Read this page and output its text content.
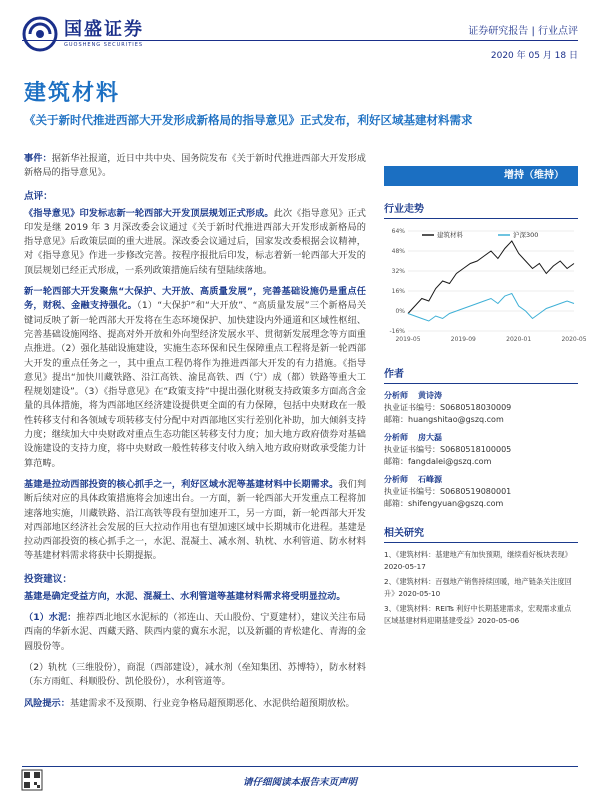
国盛证券
GUOSHENG SECURITIES
证券研究报告 | 行业点评
2020 年 05 月 18 日
建筑材料
《关于新时代推进西部大开发形成新格局的指导意见》正式发布，利好区域基建材料需求

事件：据新华社报道，近日中共中央、国务院发布《关于新时代推进西部大开发形成新格局的指导意见》。

点评：

《指导意见》印发标志新一轮西部大开发顶层规划正式形成。此次《指导意见》正式印发是继 2019 年 3 月深改委会议通过《关于新时代推进西部大开发形成新格局的指导意见》后政策层面的重大进展。深改委会议通过后，国家发改委根据会议精神，对《指导意见》作进一步修改完善。按程序报批后印发，标志着新一轮西部大开发的顶层规划已经正式形成，一系列政策措施后续有望陆续落地。

新一轮西部大开发聚焦“大保护、大开放、高质量发展”，完善基础设施仍是重点任务，财税、金融支持强化。（1）“大保护”和“大开放”、“高质量发展”三个新格局关键词反映了新一轮西部大开发将在生态环境保护、加快建设内外通道和区域性枢纽、完善基础设施网络、提高对外开放和外向型经济发展水平、贯彻新发展理念等方面重点推进。（2）强化基础设施建设，实施生态环保和民生保障重点工程将是新一轮西部大开发的重点任务之一，其中重点工程仍将作为推进西部大开发的有力措施。《指导意见》提出“加快川藏铁路、沿江高铁、渝昆高铁、西（宁）成（都）铁路等重大工程规划建设”。（3）《指导意见》在“政策支持”中提出强化财税支持政策多方面高含金量的具体措施，将为西部地区经济建设提供更全面的有力保障，包括中央财政在一般性转移支付和各领域专项转移支付分配中对西部地区实行差别化补助，加大倾斜支持力度；继续加大中央财政对重点生态功能区转移支付力度；加大地方政府债券对基础设施建设的支持力度，将中央财政一般性转移支付收入纳入地方政府财政承受能力计算范畴。

基建是拉动西部投资的核心抓手之一，利好区域水泥等基建材料中长期需求。我们判断后续对应的具体政策措施将会加速出台。一方面，新一轮西部大开发重点工程将加速落地实施，川藏铁路、沿江高铁等段有望加速开工，另一方面，新一轮西部大开发对西部地区经济社会发展的巨大拉动作用也有望加速区域中长期城市化进程。基建是拉动西部投资的核心抓手之一，水泥、混凝土、减水剂、轨枕、水利管道、防水材料等基建材料需求将获中长期提振。

投资建议：

基建是确定受益方向，水泥、混凝土、水利管道等基建材料需求将受明显拉动。

（1）水泥：推荐西北地区水泥标的（祁连山、天山股份、宁夏建材），建议关注布局西南的华新水泥、西藏天路、陕西内蒙的冀东水泥，以及新疆的青松建化、青海的金圆股份等。

（2）轨枕（三维股份），商混（西部建设），减水剂（垒知集团、苏博特），防水材料（东方雨虹、科顺股份、凯伦股份），水利管道等。

风险提示：基建需求不及预期、行业竞争格局超预期恶化、水泥供给超预期放松。

增持（维持）
行业走势
-16%
0%
16%
32%
48%
64%
2019-05	2019-09	2020-01	2020-05
建筑材料	沪深300
作者
分析师 黄诗涛
执业证书编号：S0680518030009
邮箱：huangshitao@gszq.com
分析师 房大磊
执业证书编号：S0680518100005
邮箱：fangdalei@gszq.com
分析师 石峰源
执业证书编号：S0680519080001
邮箱：shifengyuan@gszq.com
相关研究
1、《建筑材料：基建地产有加快预期，继续看好板块表现》2020-05-17
2、《建筑材料：百强地产销售持续回暖，地产链条关注度回升》2020-05-10
3、《建筑材料：REITs 利好中长期基建需求，宏观需求重点区域基建材料迎期基建受益》2020-05-06
请仔细阅读本报告末页声明
